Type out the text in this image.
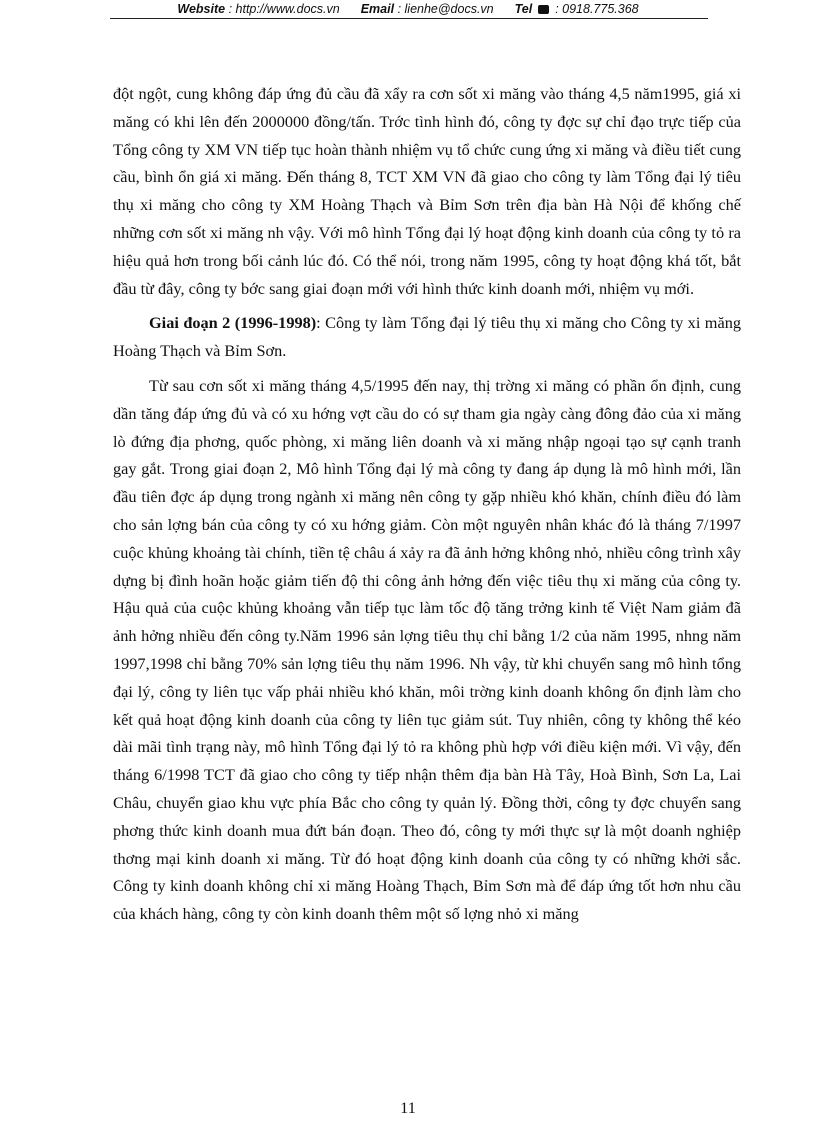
Website : http://www.docs.vn Email : lienhe@docs.vn Tel : 0918.775.368

đột ngột, cung không đáp ứng đủ cầu đã xẩy ra cơn sốt xi măng vào tháng 4,5 năm1995, giá xi măng có khi lên đến 2000000 đồng/tấn. Trớc tình hình đó, công ty đợc sự chỉ đạo trực tiếp của Tổng công ty XM VN tiếp tục hoàn thành nhiệm vụ tổ chức cung ứng xi măng và điều tiết cung cầu, bình ổn giá xi măng. Đến tháng 8, TCT XM VN đã giao cho công ty làm Tổng đại lý tiêu thụ xi măng cho công ty XM Hoàng Thạch và Bỉm Sơn trên địa bàn Hà Nội để khống chế những cơn sốt xi măng nh vậy. Với mô hình Tổng đại lý hoạt động kinh doanh của công ty tỏ ra hiệu quả hơn trong bối cảnh lúc đó. Có thể nói, trong năm 1995, công ty hoạt động khá tốt, bắt đầu từ đây, công ty bớc sang giai đoạn mới với hình thức kinh doanh mới, nhiệm vụ mới.

Giai đoạn 2 (1996-1998): Công ty làm Tổng đại lý tiêu thụ xi măng cho Công ty xi măng Hoàng Thạch và Bỉm Sơn.

Từ sau cơn sốt xi măng tháng 4,5/1995 đến nay, thị trờng xi măng có phần ổn định, cung dần tăng đáp ứng đủ và có xu hớng vợt cầu do có sự tham gia ngày càng đông đảo của xi măng lò đứng địa phơng, quốc phòng, xi măng liên doanh và xi măng nhập ngoại tạo sự cạnh tranh gay gắt. Trong giai đoạn 2, Mô hình Tổng đại lý mà công ty đang áp dụng là mô hình mới, lần đầu tiên đợc áp dụng trong ngành xi măng nên công ty gặp nhiều khó khăn, chính điều đó làm cho sản lợng bán của công ty có xu hớng giảm. Còn một nguyên nhân khác đó là tháng 7/1997 cuộc khủng khoảng tài chính, tiền tệ châu á xảy ra đã ảnh hởng không nhỏ, nhiều công trình xây dựng bị đình hoãn hoặc giảm tiến độ thi công ảnh hởng đến việc tiêu thụ xi măng của công ty. Hậu quả của cuộc khủng khoảng vẫn tiếp tục làm tốc độ tăng trởng kinh tế Việt Nam giảm đã ảnh hởng nhiều đến công ty.Năm 1996 sản lợng tiêu thụ chỉ bằng 1/2 của năm 1995, nhng năm 1997,1998 chỉ bằng 70% sản lợng tiêu thụ năm 1996. Nh vậy, từ khi chuyển sang mô hình tổng đại lý, công ty liên tục vấp phải nhiều khó khăn, môi trờng kinh doanh không ổn định làm cho kết quả hoạt động kinh doanh của công ty liên tục giảm sút. Tuy nhiên, công ty không thể kéo dài mãi tình trạng này, mô hình Tổng đại lý tỏ ra không phù hợp với điều kiện mới. Vì vậy, đến tháng 6/1998 TCT đã giao cho công ty tiếp nhận thêm địa bàn Hà Tây, Hoà Bình, Sơn La, Lai Châu, chuyển giao khu vực phía Bắc cho công ty quản lý. Đồng thời, công ty đợc chuyển sang phơng thức kinh doanh mua đứt bán đoạn. Theo đó, công ty mới thực sự là một doanh nghiệp thơng mại kinh doanh xi măng. Từ đó hoạt động kinh doanh của công ty có những khởi sắc. Công ty kinh doanh không chỉ xi măng Hoàng Thạch, Bỉm Sơn mà để đáp ứng tốt hơn nhu cầu của khách hàng, công ty còn kinh doanh thêm một số lợng nhỏ xi măng

11
